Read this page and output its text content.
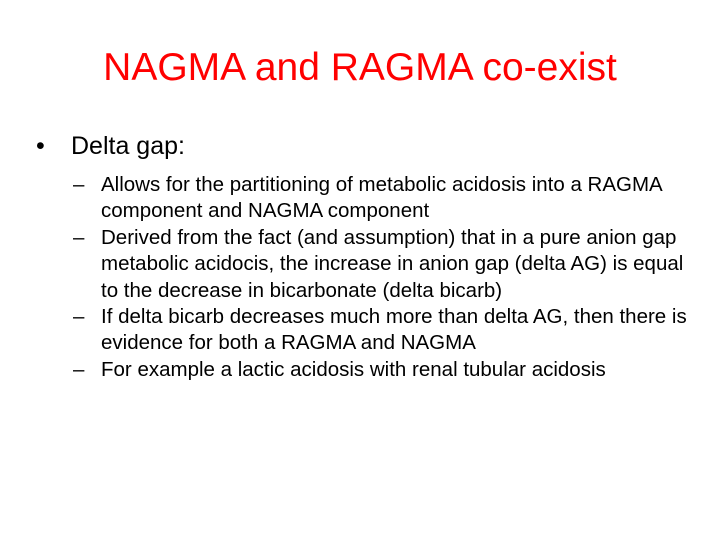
NAGMA and RAGMA co-exist
• Delta gap:
– Allows for the partitioning of metabolic acidosis into a RAGMA component and NAGMA component
– Derived from the fact (and assumption) that in a pure anion gap metabolic acidocis, the increase in anion gap (delta AG) is equal to the decrease in bicarbonate (delta bicarb)
– If delta bicarb decreases much more than delta AG, then there is evidence for both a RAGMA and NAGMA
– For example a lactic acidosis with renal tubular acidosis
